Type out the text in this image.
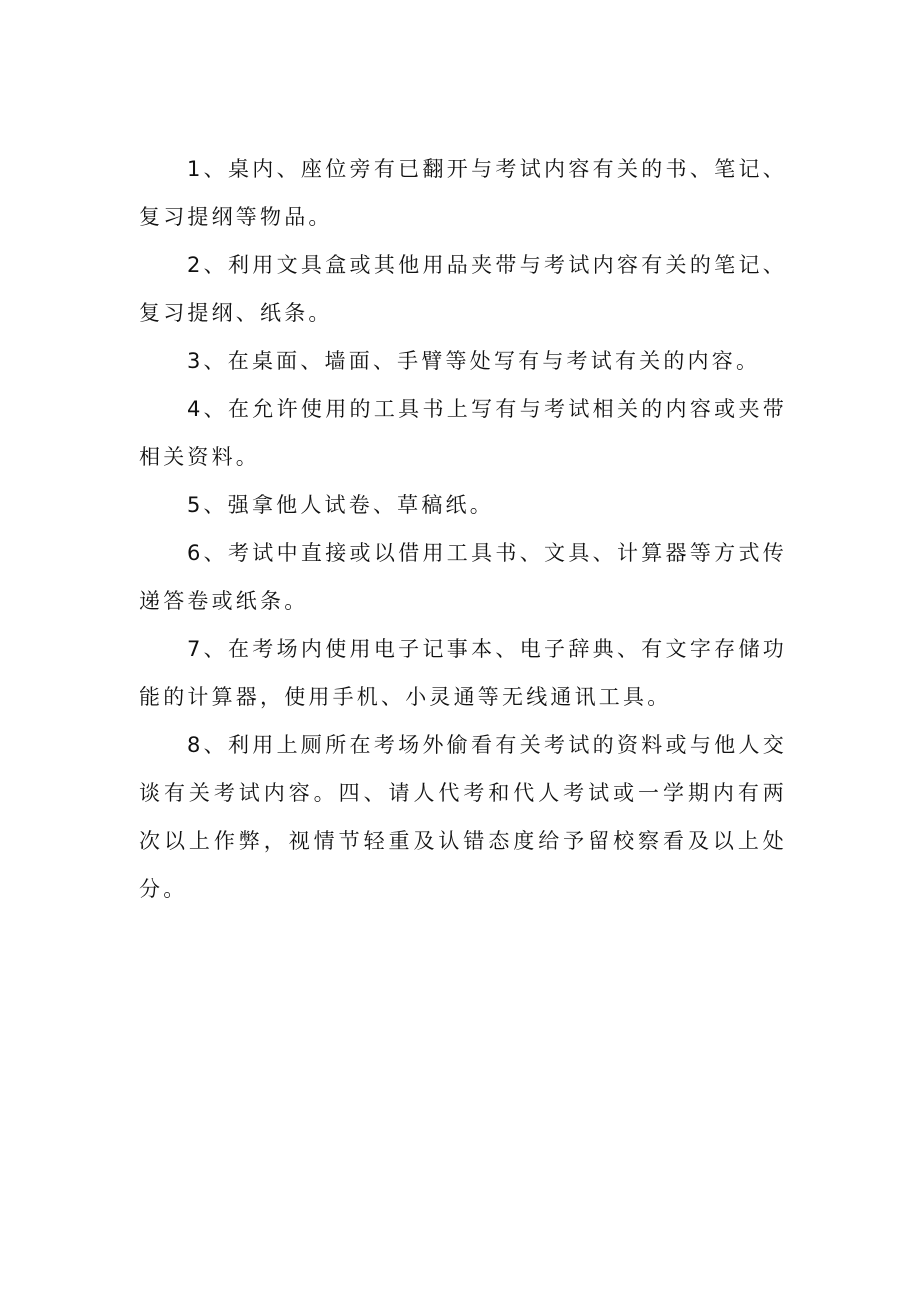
1、桌内、座位旁有已翻开与考试内容有关的书、笔记、复习提纲等物品。

2、利用文具盒或其他用品夹带与考试内容有关的笔记、复习提纲、纸条。

3、在桌面、墙面、手臂等处写有与考试有关的内容。

4、在允许使用的工具书上写有与考试相关的内容或夹带相关资料。

5、强拿他人试卷、草稿纸。

6、考试中直接或以借用工具书、文具、计算器等方式传递答卷或纸条。

7、在考场内使用电子记事本、电子辞典、有文字存储功能的计算器，使用手机、小灵通等无线通讯工具。

8、利用上厕所在考场外偷看有关考试的资料或与他人交谈有关考试内容。四、请人代考和代人考试或一学期内有两次以上作弊，视情节轻重及认错态度给予留校察看及以上处分。
